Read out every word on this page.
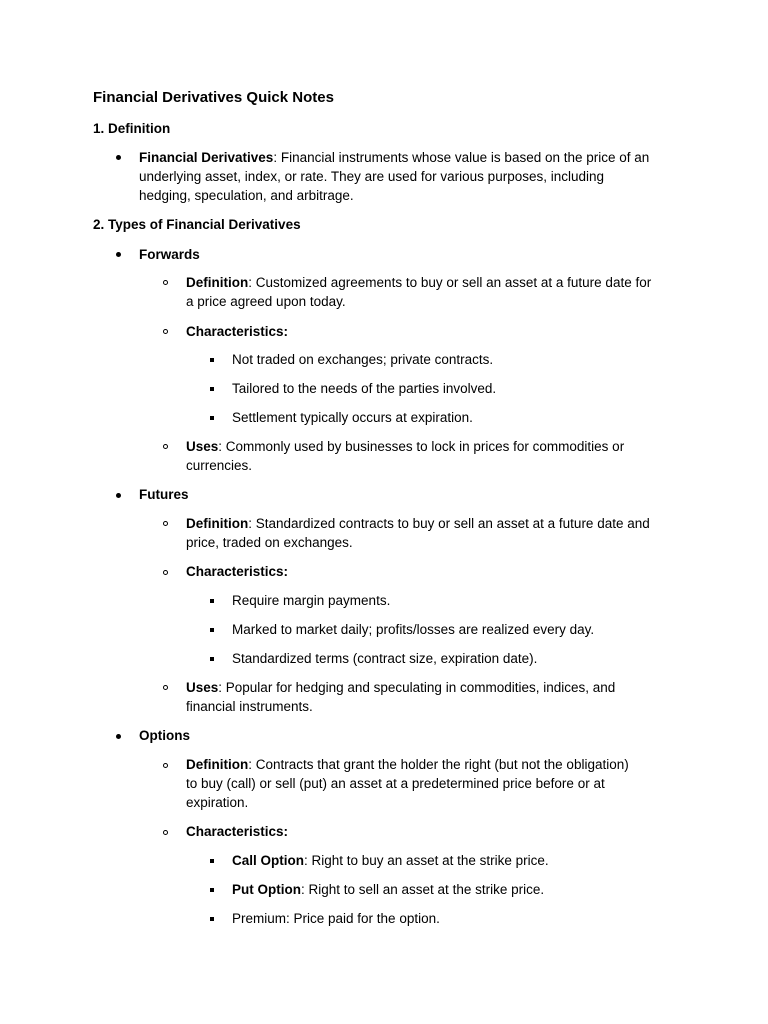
Financial Derivatives Quick Notes
1. Definition
Financial Derivatives: Financial instruments whose value is based on the price of an
underlying asset, index, or rate. They are used for various purposes, including
hedging, speculation, and arbitrage.
2. Types of Financial Derivatives
Forwards
Definition: Customized agreements to buy or sell an asset at a future date for
a price agreed upon today.
Characteristics:
Not traded on exchanges; private contracts.
Tailored to the needs of the parties involved.
Settlement typically occurs at expiration.
Uses: Commonly used by businesses to lock in prices for commodities or
currencies.
Futures
Definition: Standardized contracts to buy or sell an asset at a future date and
price, traded on exchanges.
Characteristics:
Require margin payments.
Marked to market daily; profits/losses are realized every day.
Standardized terms (contract size, expiration date).
Uses: Popular for hedging and speculating in commodities, indices, and
financial instruments.
Options
Definition: Contracts that grant the holder the right (but not the obligation)
to buy (call) or sell (put) an asset at a predetermined price before or at
expiration.
Characteristics:
Call Option: Right to buy an asset at the strike price.
Put Option: Right to sell an asset at the strike price.
Premium: Price paid for the option.
